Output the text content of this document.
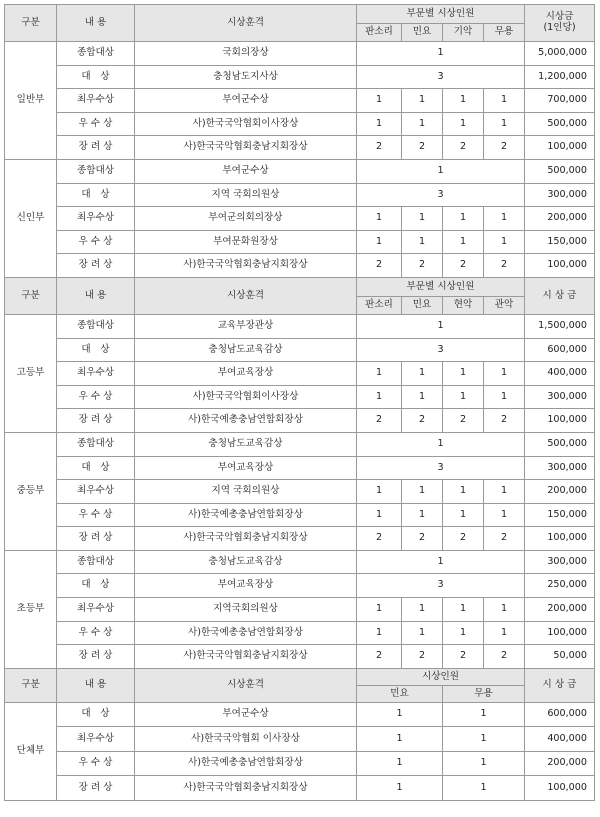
구분	내 용	시상훈격	부문별 시상인원				시상금
(1인당)

			판소리	민요	기악	무용	
일반부	종합대상	국회의장상	1				5,000,000
	대　상	충청남도지사상	3				1,200,000
	최우수상	부여군수상	1	1	1	1	700,000
	우 수 상	사)한국국악협회이사장상	1	1	1	1	500,000
	장 려 상	사)한국국악협회충남지회장상	2	2	2	2	100,000
신인부	종합대상	부여군수상	1				500,000
	대　상	지역 국회의원상	3				300,000
	최우수상	부여군의회의장상	1	1	1	1	200,000
	우 수 상	부여문화원장상	1	1	1	1	150,000
	장 려 상	사)한국국악협회충남지회장상	2	2	2	2	100,000
구분	내 용	시상훈격	부문별 시상인원				시 상 금

			판소리	민요	현악	관악	
고등부	종합대상	교육부장관상	1				1,500,000
	대　상	충청남도교육감상	3				600,000
	최우수상	부여교육장상	1	1	1	1	400,000
	우 수 상	사)한국국악협회이사장상	1	1	1	1	300,000
	장 려 상	사)한국예총충남연합회장상	2	2	2	2	100,000
중등부	종합대상	충청남도교육감상	1				500,000
	대　상	부여교육장상	3				300,000
	최우수상	지역 국회의원상	1	1	1	1	200,000
	우 수 상	사)한국예총충남연합회장상	1	1	1	1	150,000
	장 려 상	사)한국국악협회충남지회장상	2	2	2	2	100,000
초등부	종합대상	충청남도교육감상	1				300,000
	대　상	부여교육장상	3				250,000
	최우수상	지역국회의원상	1	1	1	1	200,000
	우 수 상	사)한국예총충남연합회장상	1	1	1	1	100,000
	장 려 상	사)한국국악협회충남지회장상	2	2	2	2	50,000
구분	내 용	시상훈격	시상인원				시 상 금
			민요		무용		
단체부	대　상	부여군수상	1		1		600,000
	최우수상	사)한국국악협회 이사장상	1		1		400,000
	우 수 상	사)한국예총충남연합회장상	1		1		200,000
	장 려 상	사)한국국악협회충남지회장상	1		1		100,000
